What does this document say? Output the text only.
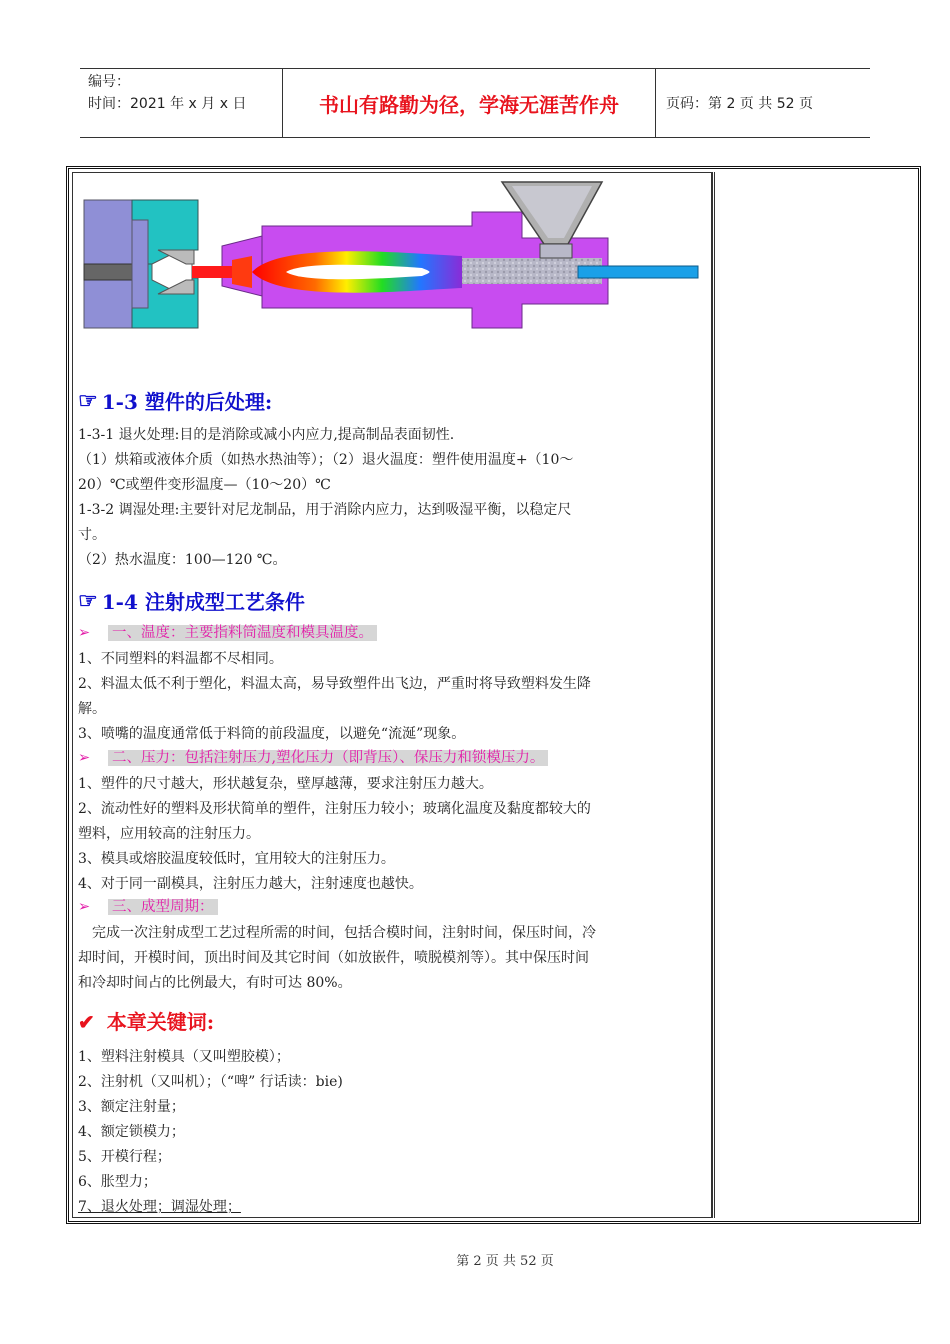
编号：
时间：2021 年 x 月 x 日	书山有路勤为径，学海无涯苦作舟	页码：第 2 页 共 52 页
☞ 1-3 塑件的后处理:
1-3-1 退火处理:目的是消除或减小内应力,提高制品表面韧性.
（1）烘箱或液体介质（如热水热油等）；（2）退火温度：塑件使用温度+（10～
20）℃或塑件变形温度—（10～20）℃
1-3-2 调湿处理:主要针对尼龙制品，用于消除内应力，达到吸湿平衡，以稳定尺
寸。
（2）热水温度：100—120 ℃。
☞ 1-4 注射成型工艺条件
➢ 一、温度：主要指料筒温度和模具温度。
1、不同塑料的料温都不尽相同。
2、料温太低不利于塑化，料温太高，易导致塑件出飞边，严重时将导致塑料发生降
解。
3、喷嘴的温度通常低于料筒的前段温度，以避免“流涎”现象。
➢ 二、压力：包括注射压力,塑化压力（即背压）、保压力和锁模压力。
1、塑件的尺寸越大，形状越复杂，壁厚越薄，要求注射压力越大。
2、流动性好的塑料及形状简单的塑件，注射压力较小；玻璃化温度及黏度都较大的
塑料，应用较高的注射压力。
3、模具或熔胶温度较低时，宜用较大的注射压力。
4、对于同一副模具，注射压力越大，注射速度也越快。
➢ 三、成型周期：
　完成一次注射成型工艺过程所需的时间，包括合模时间，注射时间，保压时间，冷
却时间，开模时间，顶出时间及其它时间（如放嵌件，喷脱模剂等）。其中保压时间
和冷却时间占的比例最大，有时可达 80%。
✔ 本章关键词:
1、塑料注射模具（又叫塑胶模）；
2、注射机（又叫机）；（“啤” 行话读：bie)
3、额定注射量；
4、额定锁模力；
5、开模行程；
6、胀型力；
7、退火处理；调湿处理；
第 2 页 共 52 页
